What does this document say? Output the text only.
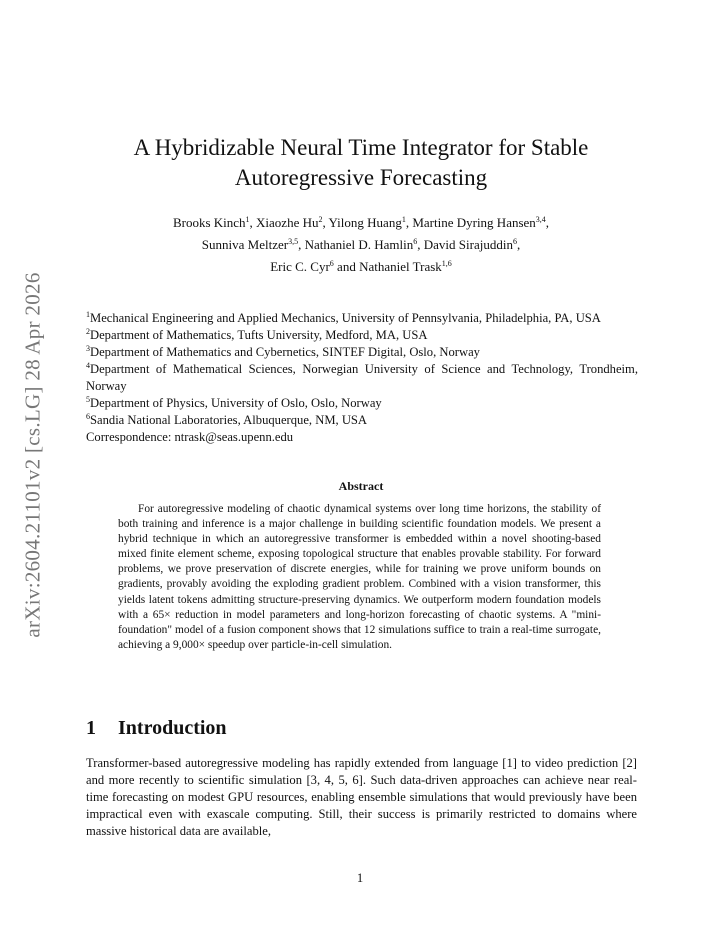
arXiv:2604.21101v2 [cs.LG] 28 Apr 2026
A Hybridizable Neural Time Integrator for Stable
Autoregressive Forecasting
Brooks Kinch$^1$, Xiaozhe Hu$^2$, Yilong Huang$^1$, Martine Dyring Hansen$^{3,4}$,
Sunniva Meltzer$^{3,5}$, Nathaniel D. Hamlin$^6$, David Sirajuddin$^6$,
Eric C. Cyr$^6$ and Nathaniel Trask$^{1,6}$
$^1$Mechanical Engineering and Applied Mechanics, University of Pennsylvania, Philadelphia, PA, USA
$^2$Department of Mathematics, Tufts University, Medford, MA, USA
$^3$Department of Mathematics and Cybernetics, SINTEF Digital, Oslo, Norway
$^4$Department of Mathematical Sciences, Norwegian University of Science and Technology, Trondheim, Norway
$^5$Department of Physics, University of Oslo, Oslo, Norway
$^6$Sandia National Laboratories, Albuquerque, NM, USA
Correspondence: ntrask@seas.upenn.edu
Abstract

For autoregressive modeling of chaotic dynamical systems over long time horizons, the stability of both training and inference is a major challenge in building scientific foundation models. We present a hybrid technique in which an autoregressive transformer is embedded within a novel shooting-based mixed finite element scheme, exposing topological structure that enables provable stability. For forward problems, we prove preservation of discrete energies, while for training we prove uniform bounds on gradients, provably avoiding the exploding gradient problem. Combined with a vision transformer, this yields latent tokens admitting structure-preserving dynamics. We outperform modern foundation models with a 65× reduction in model parameters and long-horizon forecasting of chaotic systems. A "mini-foundation" model of a fusion component shows that 12 simulations suffice to train a real-time surrogate, achieving a 9,000× speedup over particle-in-cell simulation.

1 Introduction

Transformer-based autoregressive modeling has rapidly extended from language [1] to video prediction [2] and more recently to scientific simulation [3, 4, 5, 6]. Such data-driven approaches can achieve near real-time forecasting on modest GPU resources, enabling ensemble simulations that would previously have been impractical even with exascale computing. Still, their success is primarily restricted to domains where massive historical data are available,

1
